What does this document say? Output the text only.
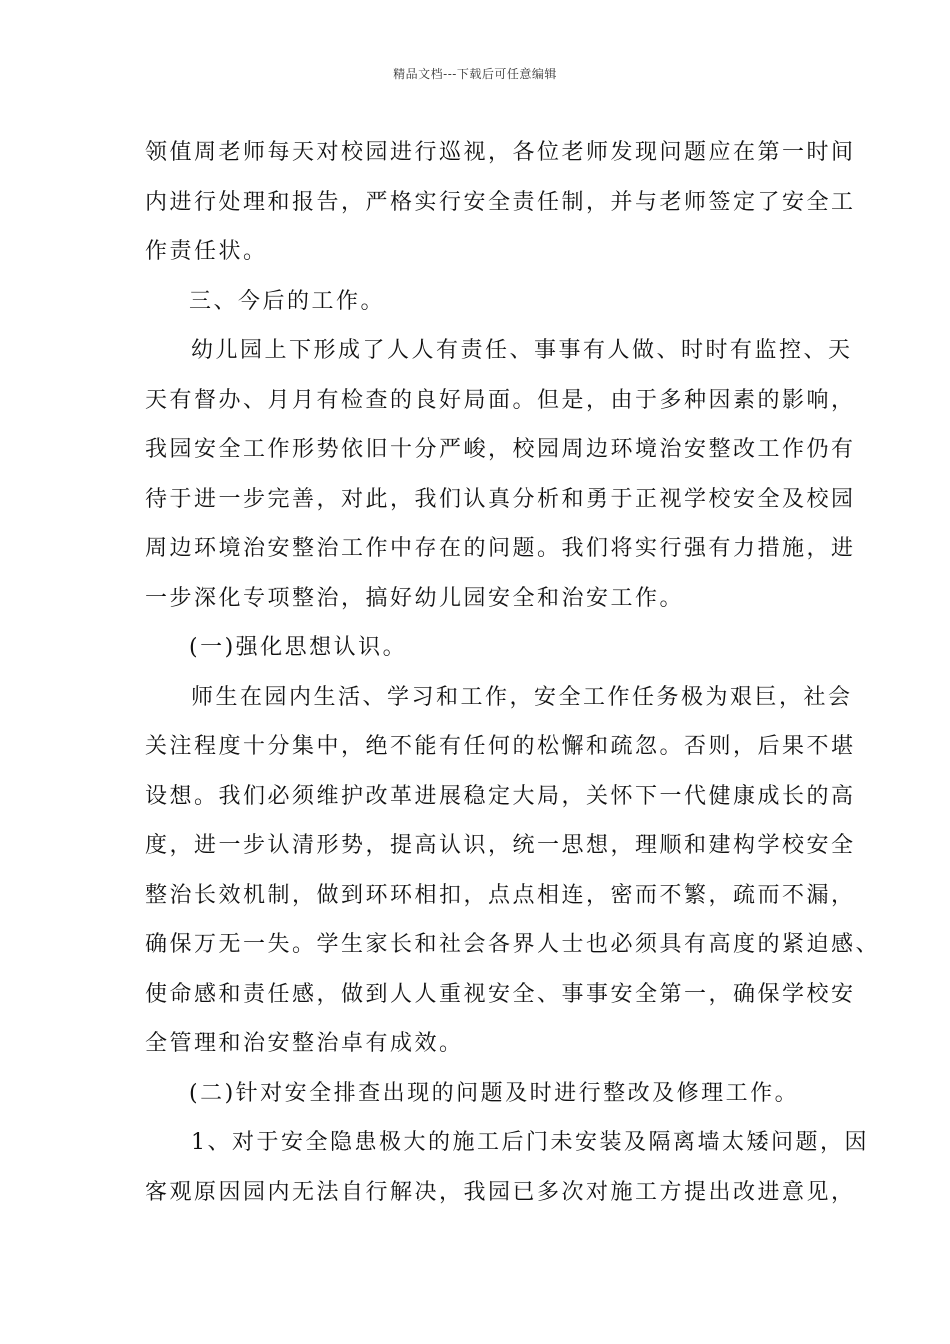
精品文档---下载后可任意编辑
领值周老师每天对校园进行巡视，各位老师发现问题应在第一时间
内进行处理和报告，严格实行安全责任制，并与老师签定了安全工
作责任状。
三、今后的工作。
幼儿园上下形成了人人有责任、事事有人做、时时有监控、天
天有督办、月月有检查的良好局面。但是，由于多种因素的影响，
我园安全工作形势依旧十分严峻，校园周边环境治安整改工作仍有
待于进一步完善，对此，我们认真分析和勇于正视学校安全及校园
周边环境治安整治工作中存在的问题。我们将实行强有力措施，进
一步深化专项整治，搞好幼儿园安全和治安工作。
(一)强化思想认识。
师生在园内生活、学习和工作，安全工作任务极为艰巨，社会
关注程度十分集中，绝不能有任何的松懈和疏忽。否则，后果不堪
设想。我们必须维护改革进展稳定大局，关怀下一代健康成长的高
度，进一步认清形势，提高认识，统一思想，理顺和建构学校安全
整治长效机制，做到环环相扣，点点相连，密而不繁，疏而不漏，
确保万无一失。学生家长和社会各界人士也必须具有高度的紧迫感、
使命感和责任感，做到人人重视安全、事事安全第一，确保学校安
全管理和治安整治卓有成效。
(二)针对安全排查出现的问题及时进行整改及修理工作。
1、对于安全隐患极大的施工后门未安装及隔离墙太矮问题，因
客观原因园内无法自行解决，我园已多次对施工方提出改进意见，
